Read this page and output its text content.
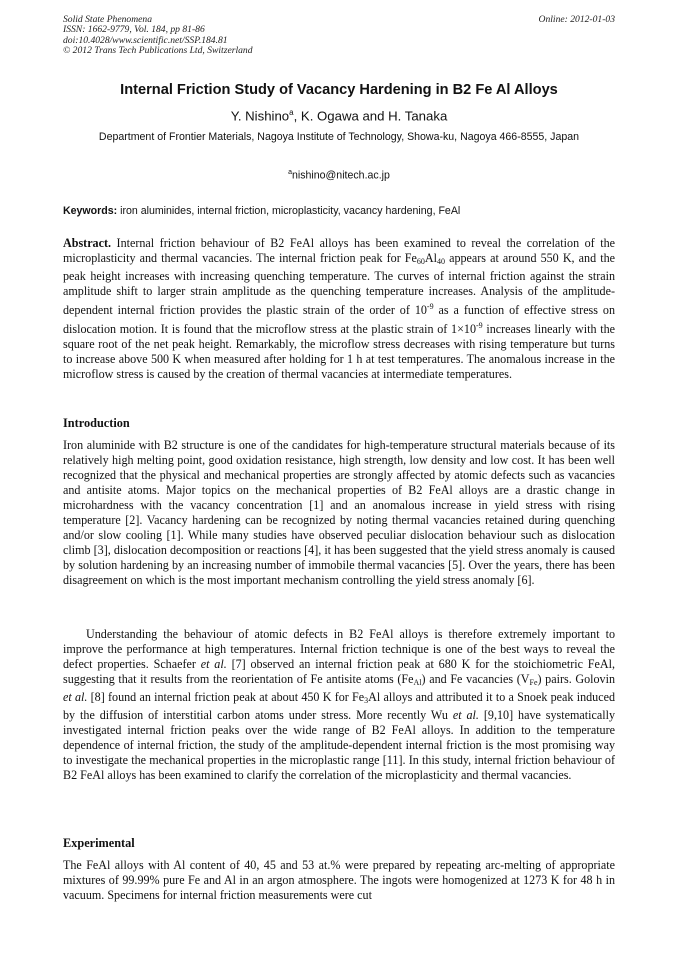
Solid State Phenomena
ISSN: 1662-9779, Vol. 184, pp 81-86
doi:10.4028/www.scientific.net/SSP.184.81
© 2012 Trans Tech Publications Ltd, Switzerland
Online: 2012-01-03
Internal Friction Study of Vacancy Hardening in B2 Fe Al Alloys
Y. Nishino$^a$, K. Ogawa and H. Tanaka
Department of Frontier Materials, Nagoya Institute of Technology, Showa-ku, Nagoya 466-8555, Japan
$^a$nishino@nitech.ac.jp
Keywords: iron aluminides, internal friction, microplasticity, vacancy hardening, FeAl

Abstract. Internal friction behaviour of B2 FeAl alloys has been examined to reveal the correlation of the microplasticity and thermal vacancies. The internal friction peak for Fe60Al40 appears at around 550 K, and the peak height increases with increasing quenching temperature. The curves of internal friction against the strain amplitude shift to larger strain amplitude as the quenching temperature increases. Analysis of the amplitude-dependent internal friction provides the plastic strain of the order of $10^{-9}$ as a function of effective stress on dislocation motion. It is found that the microflow stress at the plastic strain of $1\times 10^{-9}$ increases linearly with the square root of the net peak height. Remarkably, the microflow stress decreases with rising temperature but turns to increase above 500 K when measured after holding for 1 h at test temperatures. The anomalous increase in the microflow stress is caused by the creation of thermal vacancies at intermediate temperatures.

Introduction

Iron aluminide with B2 structure is one of the candidates for high-temperature structural materials because of its relatively high melting point, good oxidation resistance, high strength, low density and low cost. It has been well recognized that the physical and mechanical properties are strongly affected by atomic defects such as vacancies and antisite atoms. Major topics on the mechanical properties of B2 FeAl alloys are a drastic change in microhardness with the vacancy concentration [1] and an anomalous increase in yield stress with rising temperature [2]. Vacancy hardening can be recognized by noting thermal vacancies retained during quenching and/or slow cooling [1]. While many studies have observed peculiar dislocation behaviour such as dislocation climb [3], dislocation decomposition or reactions [4], it has been suggested that the yield stress anomaly is caused by solution hardening by an increasing number of immobile thermal vacancies [5]. Over the years, there has been disagreement on which is the most important mechanism controlling the yield stress anomaly [6].

Understanding the behaviour of atomic defects in B2 FeAl alloys is therefore extremely important to improve the performance at high temperatures. Internal friction technique is one of the best ways to reveal the defect properties. Schaefer et al. [7] observed an internal friction peak at 680 K for the stoichiometric FeAl, suggesting that it results from the reorientation of Fe antisite atoms (FeAl) and Fe vacancies (VFe) pairs. Golovin et al. [8] found an internal friction peak at about 450 K for Fe3Al alloys and attributed it to a Snoek peak induced by the diffusion of interstitial carbon atoms under stress. More recently Wu et al. [9,10] have systematically investigated internal friction peaks over the wide range of B2 FeAl alloys. In addition to the temperature dependence of internal friction, the study of the amplitude-dependent internal friction is the most promising way to investigate the mechanical properties in the microplastic range [11]. In this study, internal friction behaviour of B2 FeAl alloys has been examined to clarify the correlation of the microplasticity and thermal vacancies.

Experimental

The FeAl alloys with Al content of 40, 45 and 53 at.% were prepared by repeating arc-melting of appropriate mixtures of 99.99% pure Fe and Al in an argon atmosphere. The ingots were homogenized at 1273 K for 48 h in vacuum. Specimens for internal friction measurements were cut
